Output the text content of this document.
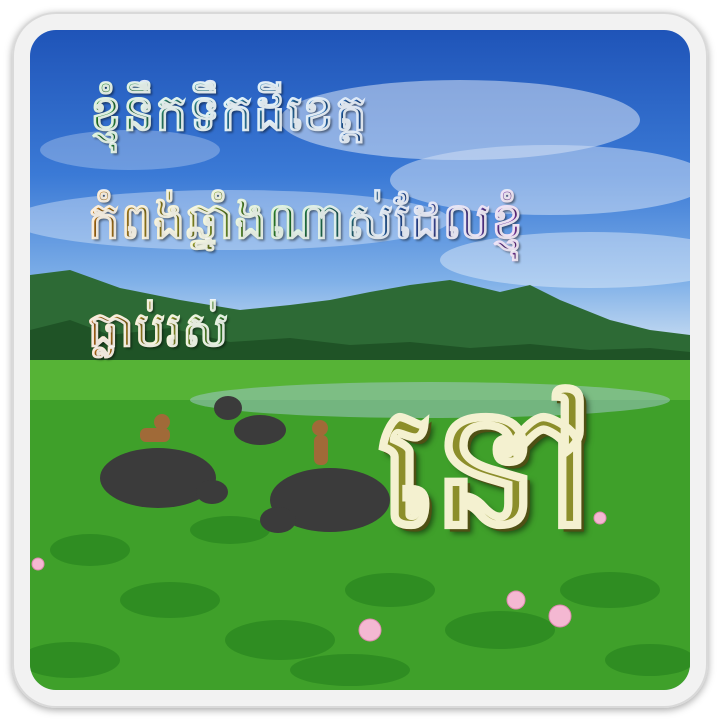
ខ្ញុំនឹកទឹកដីខេត្ត
កំពង់ឆ្នាំងណាស់ដែលខ្ញុំ
ធ្លាប់រស់
នៅ
